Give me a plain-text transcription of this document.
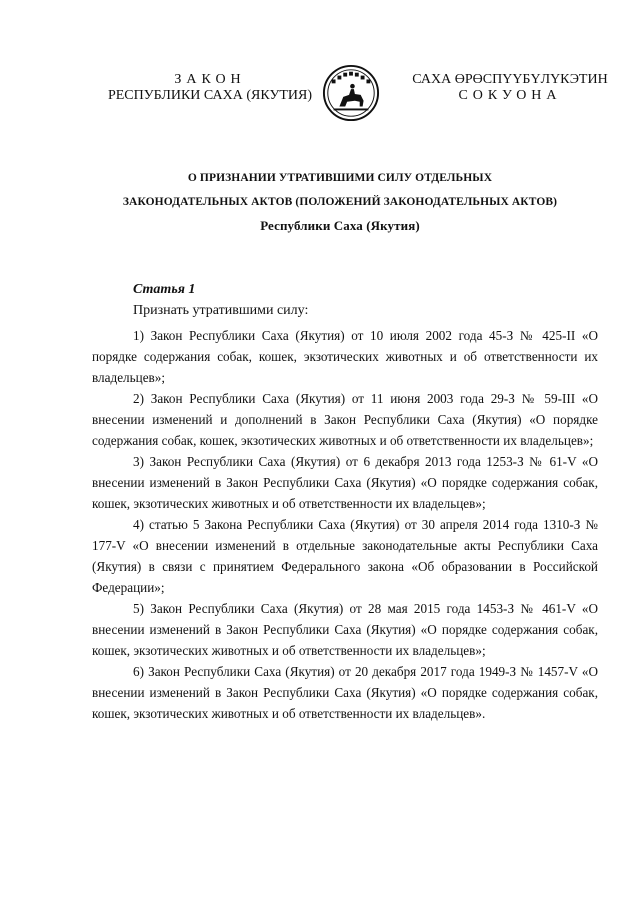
ЗАКОН
РЕСПУБЛИКИ САХА (ЯКУТИЯ)
САХА ӨРӨСПҮҮБҮЛҮКЭТИН
СОКУОНА
О ПРИЗНАНИИ УТРАТИВШИМИ СИЛУ ОТДЕЛЬНЫХ
ЗАКОНОДАТЕЛЬНЫХ АКТОВ (ПОЛОЖЕНИЙ ЗАКОНОДАТЕЛЬНЫХ АКТОВ)
Республики Саха (Якутия)
Статья 1
Признать утратившими силу:

1) Закон Республики Саха (Якутия) от 10 июля 2002 года 45-З № 425-II «О порядке содержания собак, кошек, экзотических животных и об ответственности их владельцев»;

2) Закон Республики Саха (Якутия) от 11 июня 2003 года 29-З № 59-III «О внесении изменений и дополнений в Закон Республики Саха (Якутия) «О порядке содержания собак, кошек, экзотических животных и об ответственности их владельцев»;

3) Закон Республики Саха (Якутия) от 6 декабря 2013 года 1253-З № 61-V «О внесении изменений в Закон Республики Саха (Якутия) «О порядке содержания собак, кошек, экзотических животных и об ответственности их владельцев»;

4) статью 5 Закона Республики Саха (Якутия) от 30 апреля 2014 года 1310-З № 177-V «О внесении изменений в отдельные законодательные акты Республики Саха (Якутия) в связи с принятием Федерального закона «Об образовании в Российской Федерации»;

5) Закон Республики Саха (Якутия) от 28 мая 2015 года 1453-З № 461-V «О внесении изменений в Закон Республики Саха (Якутия) «О порядке содержания собак, кошек, экзотических животных и об ответственности их владельцев»;

6) Закон Республики Саха (Якутия) от 20 декабря 2017 года 1949-З № 1457-V «О внесении изменений в Закон Республики Саха (Якутия) «О порядке содержания собак, кошек, экзотических животных и об ответственности их владельцев».
